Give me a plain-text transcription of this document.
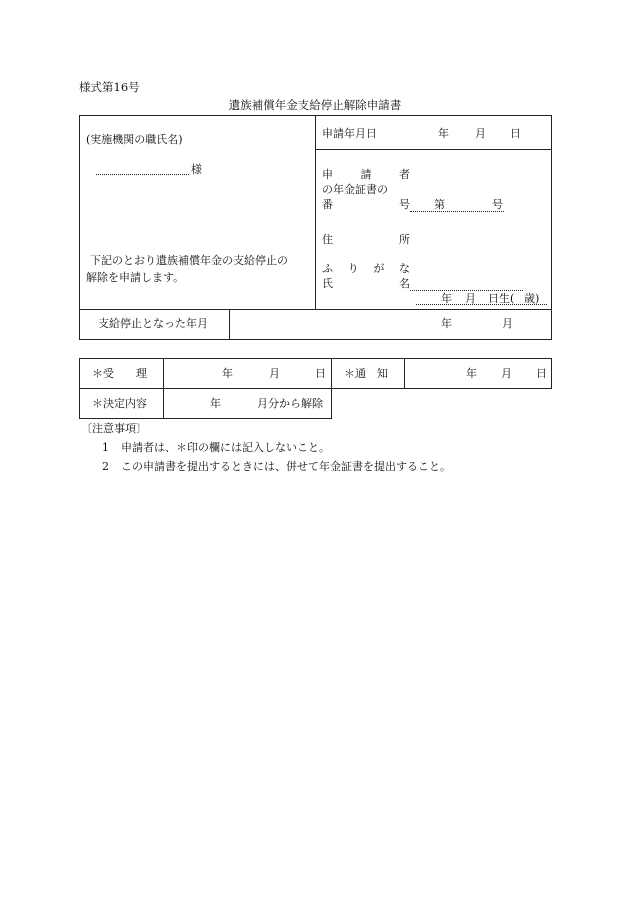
様式第16号
遺族補償年金支給停止解除申請書
(実施機関の職氏名)
様
下記のとおり遺族補償年金の支給停止の
解除を申請します。
申請年月日	年 月 日
申	請	者
の年金証書の
番	号 第	号
住	所
ふ り が な
氏	名
年 月 日生( 歳)
支給停止となった年月	年	月
＊受　　理	年	月	日 ＊通　知	年 月 日
＊決定内容	年	月分から解除
〔注意事項〕
1 申請者は、＊印の欄には記入しないこと。
2 この申請書を提出するときには、併せて年金証書を提出すること。
